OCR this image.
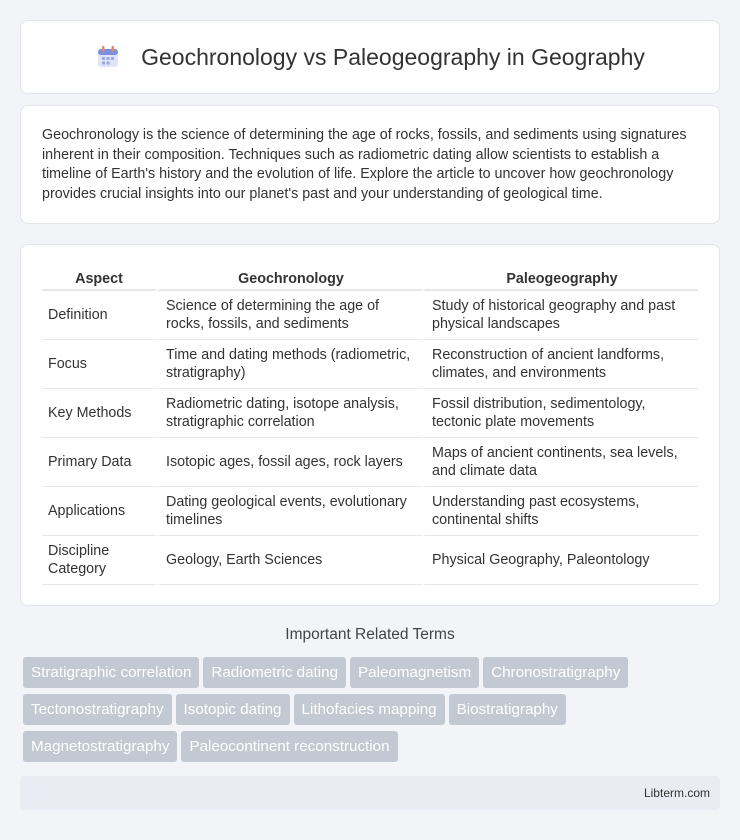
Geochronology vs Paleogeography in Geography

Geochronology is the science of determining the age of rocks, fossils, and sediments using signatures inherent in their composition. Techniques such as radiometric dating allow scientists to establish a timeline of Earth's history and the evolution of life. Explore the article to uncover how geochronology provides crucial insights into our planet's past and your understanding of geological time.

Aspect	Geochronology	Paleogeography
Definition	Science of determining the age of rocks, fossils, and sediments	Study of historical geography and past physical landscapes
Focus	Time and dating methods (radiometric, stratigraphy)	Reconstruction of ancient landforms, climates, and environments
Key Methods	Radiometric dating, isotope analysis, stratigraphic correlation	Fossil distribution, sedimentology, tectonic plate movements
Primary Data	Isotopic ages, fossil ages, rock layers	Maps of ancient continents, sea levels, and climate data
Applications	Dating geological events, evolutionary timelines	Understanding past ecosystems, continental shifts
Discipline Category	Geology, Earth Sciences	Physical Geography, Paleontology
Important Related Terms
Stratigraphic correlation	Radiometric dating	Paleomagnetism	Chronostratigraphy
Tectonostratigraphy	Isotopic dating	Lithofacies mapping	Biostratigraphy
Magnetostratigraphy	Paleocontinent reconstruction
Libterm.com
